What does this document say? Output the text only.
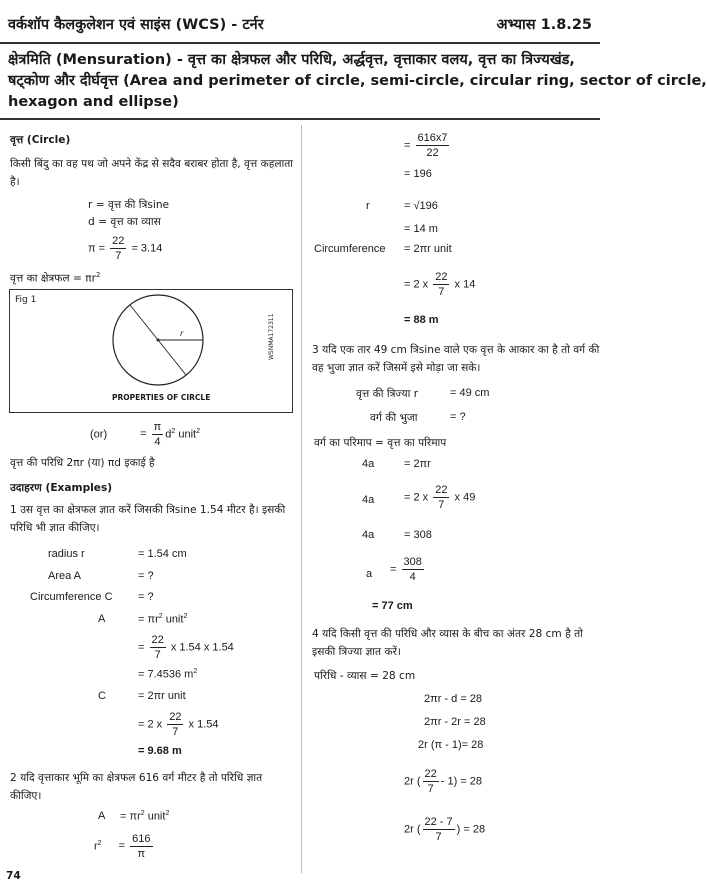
वर्कशॉप कैलकुलेशन एवं साइंस (WCS) - टर्नर	अभ्यास 1.8.25
क्षेत्रमिति (Mensuration) - वृत्त का क्षेत्रफल और परिधि, अर्द्धवृत्त, वृत्ताकार वलय, वृत्त का त्रिज्यखंड,
षट्कोण और दीर्घवृत्त (Area and perimeter of circle, semi-circle, circular ring, sector of circle,
hexagon and ellipse)
वृत्त (Circle)
किसी बिंदु का वह पथ जो अपने केंद्र से सदैव बराबर होता है, वृत्त कहलाता
है।
r = वृत्त की त्रिsine
d = वृत्त का व्यास
$\pi = \frac{22}{7} = 3.14$
वृत्त का क्षेत्रफल = $\pi r^2$
Fig 1
r
PROPERTIES OF CIRCLE
WSNMA172311
(or)	= $\frac{\pi}{4} d^2$ unit$^2$
वृत्त की परिधि 2πr (या) πd इकाई है
उदाहरण (Examples)
1 उस वृत्त का क्षेत्रफल ज्ञात करें जिसकी त्रिsine 1.54 मीटर है। इसकी
परिधि भी ज्ञात कीजिए।
radius r	= 1.54 cm
Area A	= ?
Circumference C = ?
A	= $\pi r^2$ unit$^2$
= $\frac{22}{7}$ x 1.54 x 1.54
= 7.4536 $m^2$
C	= 2πr unit
= 2 x $\frac{22}{7}$ x 1.54
= 9.68 m
2 यदि वृत्ताकार भूमि का क्षेत्रफल 616 वर्ग मीटर है तो परिधि ज्ञात
कीजिए।
$A = \pi r^2$ unit$^2$
$r^2 = \frac{616}{\pi}$
74
= $\frac{616x7}{22}$
= 196
r	= √196
= 14 m
Circumference = 2πr unit
= 2 x $\frac{22}{7}$ x 14
= 88 m
3 यदि एक तार 49 cm त्रिsine वाले एक वृत्त के आकार का है तो वर्ग की
वह भुजा ज्ञात करें जिसमें इसे मोड़ा जा सके।
वृत्त की त्रिज्या r	= 49 cm
वर्ग की भुजा	= ?
वर्ग का परिमाप = वृत्त का परिमाप
4a	= 2πr
4a	= 2 x $\frac{22}{7}$ x 49
4a	= 308
$a = \frac{308}{4}$
= 77 cm
4 यदि किसी वृत्त की परिधि और व्यास के बीच का अंतर 28 cm है तो
इसकी त्रिज्या ज्ञात करें।
परिधि - व्यास = 28 cm
2πr - d = 28
2πr - 2r = 28
2r (π - 1)= 28
2r ( $\frac{22}{7} - 1) = 28$
2r ( $\frac{22 - 7}{7}$ ) = 28
